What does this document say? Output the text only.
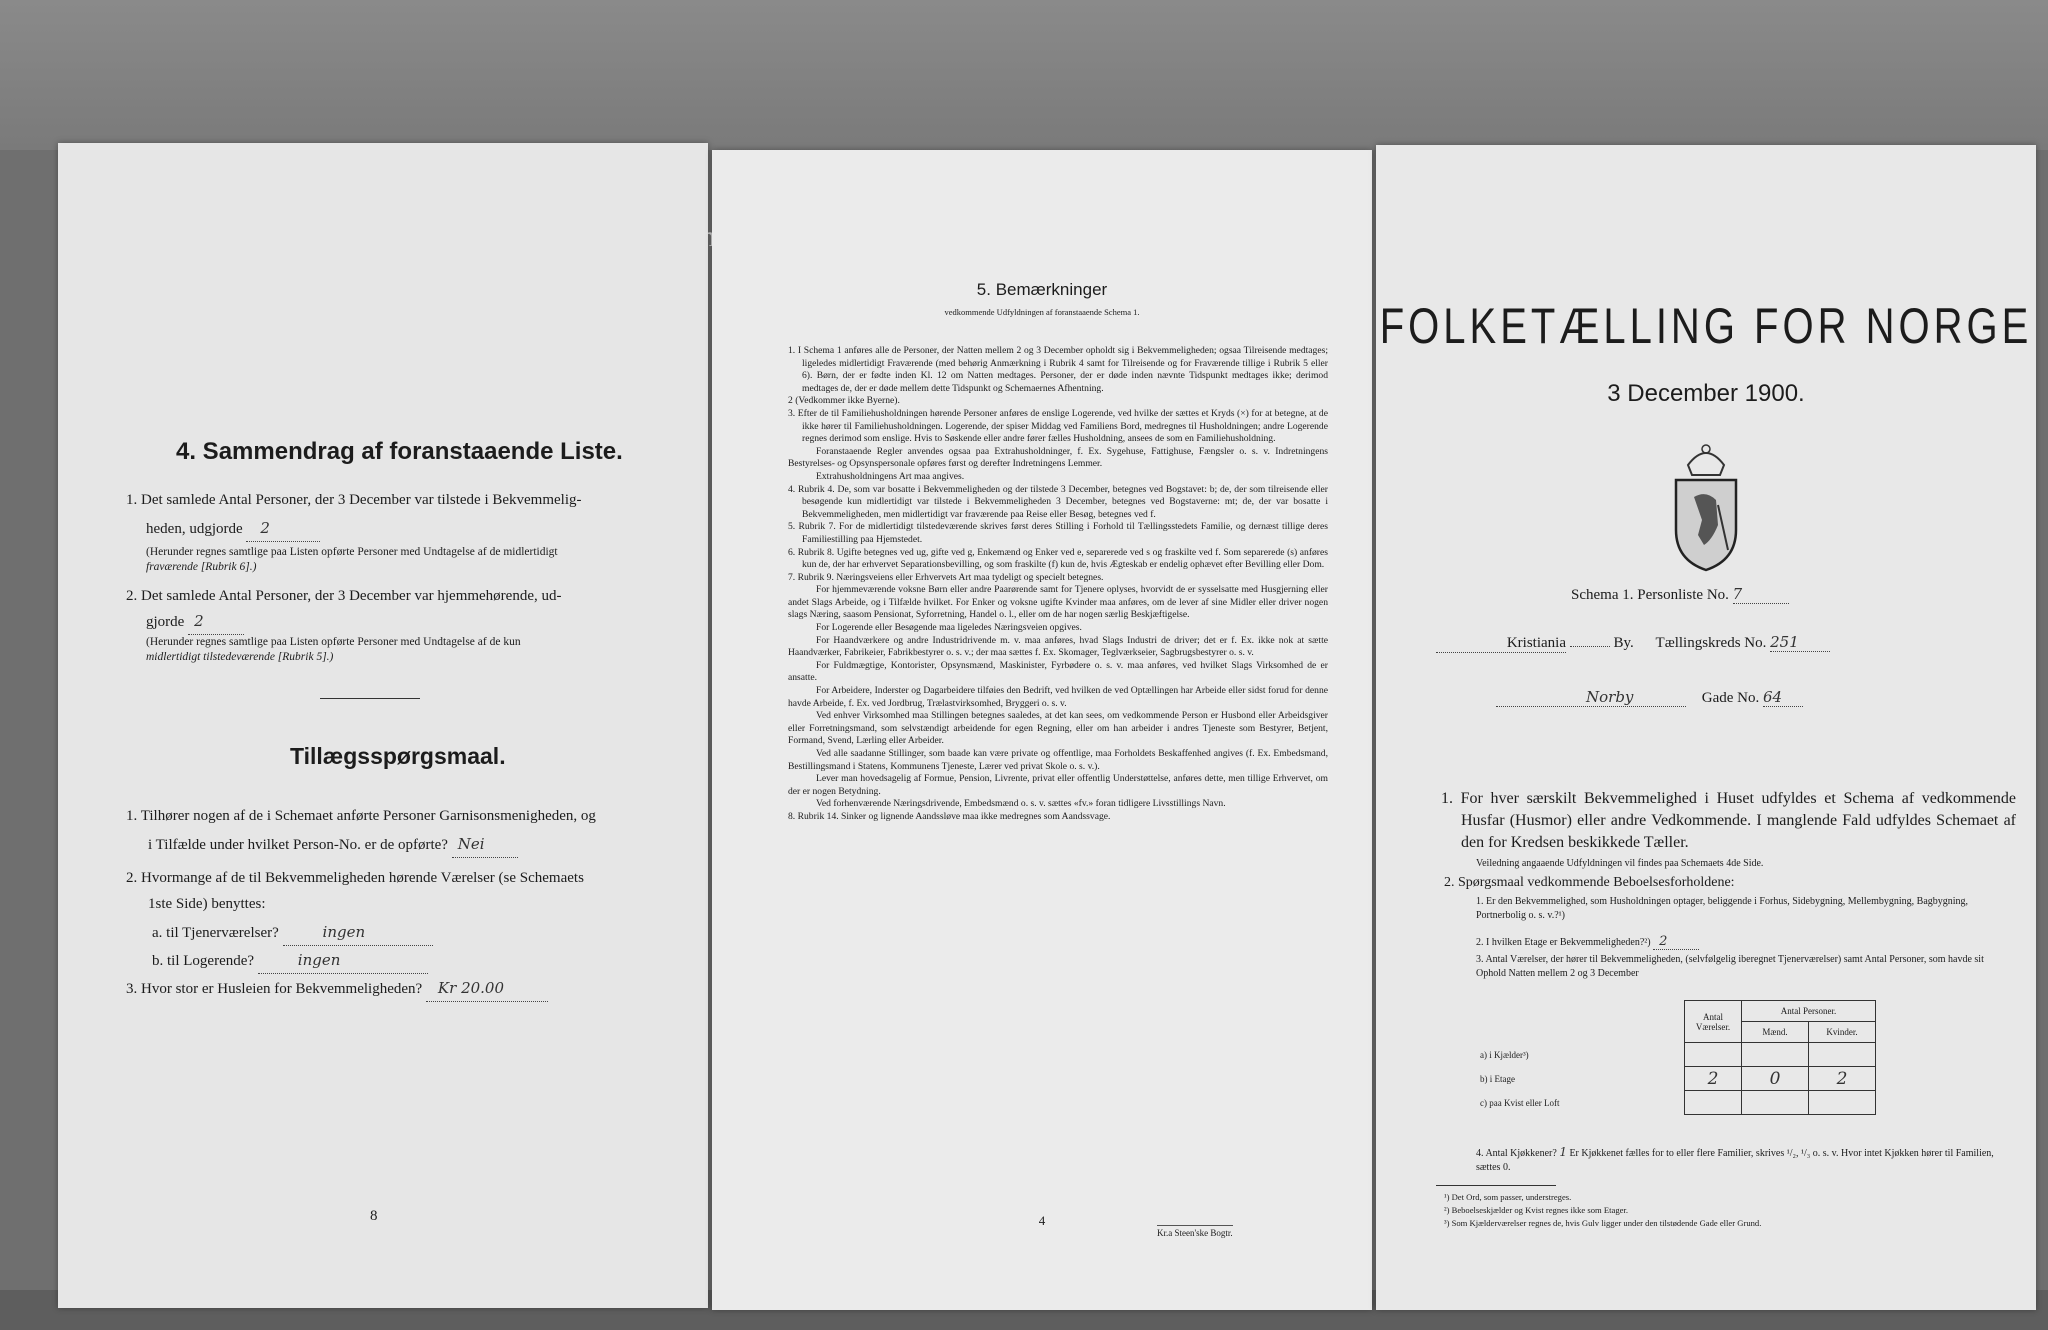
4. Sammendrag af foranstaaende Liste.
1. Det samlede Antal Personer, der 3 December var tilstede i Bekvemmelig-
heden, udgjorde 2
(Herunder regnes samtlige paa Listen opførte Personer med Undtagelse af de midlertidigt
fraværende [Rubrik 6].)
2. Det samlede Antal Personer, der 3 December var hjemmehørende, ud-
gjorde 2
(Herunder regnes samtlige paa Listen opførte Personer med Undtagelse af de kun
midlertidigt tilstedeværende [Rubrik 5].)
Tillægsspørgsmaal.
1. Tilhører nogen af de i Schemaet anførte Personer Garnisonsmenigheden, og
i Tilfælde under hvilket Person-No. er de opførte? Nei
2. Hvormange af de til Bekvemmeligheden hørende Værelser (se Schemaets
1ste Side) benyttes:
a. til Tjenerværelser?	ingen
b. til Logerende?	ingen
3. Hvor stor er Husleien for Bekvemmeligheden? Kr 20.00
8
5. Bemærkninger
vedkommende Udfyldningen af foranstaaende Schema 1.

1. I Schema 1 anføres alle de Personer, der Natten mellem 2 og 3 December opholdt sig i Bekvemmeligheden; ogsaa Tilreisende medtages; ligeledes midlertidigt Fraværende (med behørig Anmærkning i Rubrik 4 samt for Tilreisende og for Fraværende tillige i Rubrik 5 eller 6). Børn, der er fødte inden Kl. 12 om Natten medtages. Personer, der er døde inden nævnte Tidspunkt medtages ikke; derimod medtages de, der er døde mellem dette Tidspunkt og Schemaernes Afhentning.

2 (Vedkommer ikke Byerne).

3. Efter de til Familiehusholdningen hørende Personer anføres de enslige Logerende, ved hvilke der sættes et Kryds (×) for at betegne, at de ikke hører til Familiehusholdningen. Logerende, der spiser Middag ved Familiens Bord, medregnes til Husholdningen; andre Logerende regnes derimod som enslige. Hvis to Søskende eller andre fører fælles Husholdning, ansees de som en Familiehusholdning.

Foranstaaende Regler anvendes ogsaa paa Extrahusholdninger, f. Ex. Sygehuse, Fattighuse, Fængsler o. s. v. Indretningens Bestyrelses- og Opsynspersonale opføres først og derefter Indretningens Lemmer.

Extrahusholdningens Art maa angives.

4. Rubrik 4. De, som var bosatte i Bekvemmeligheden og der tilstede 3 December, betegnes ved Bogstavet: b; de, der som tilreisende eller besøgende kun midlertidigt var tilstede i Bekvemmeligheden 3 December, betegnes ved Bogstaverne: mt; de, der var bosatte i Bekvemmeligheden, men midlertidigt var fraværende paa Reise eller Besøg, betegnes ved f.

5. Rubrik 7. For de midlertidigt tilstedeværende skrives først deres Stilling i Forhold til Tællingsstedets Familie, og dernæst tillige deres Familiestilling paa Hjemstedet.

6. Rubrik 8. Ugifte betegnes ved ug, gifte ved g, Enkemænd og Enker ved e, separerede ved s og fraskilte ved f. Som separerede (s) anføres kun de, der har erhvervet Separationsbevilling, og som fraskilte (f) kun de, hvis Ægteskab er endelig ophævet efter Bevilling eller Dom.

7. Rubrik 9. Næringsveiens eller Erhvervets Art maa tydeligt og specielt betegnes.

For hjemmeværende voksne Børn eller andre Paarørende samt for Tjenere oplyses, hvorvidt de er sysselsatte med Husgjerning eller andet Slags Arbeide, og i Tilfælde hvilket. For Enker og voksne ugifte Kvinder maa anføres, om de lever af sine Midler eller driver nogen slags Næring, saasom Pensionat, Syforretning, Handel o. l., eller om de har nogen særlig Beskjæftigelse.

For Logerende eller Besøgende maa ligeledes Næringsveien opgives.

For Haandværkere og andre Industridrivende m. v. maa anføres, hvad Slags Industri de driver; det er f. Ex. ikke nok at sætte Haandværker, Fabrikeier, Fabrikbestyrer o. s. v.; der maa sættes f. Ex. Skomager, Teglværkseier, Sagbrugsbestyrer o. s. v.

For Fuldmægtige, Kontorister, Opsynsmænd, Maskinister, Fyrbødere o. s. v. maa anføres, ved hvilket Slags Virksomhed de er ansatte.

For Arbeidere, Inderster og Dagarbeidere tilføies den Bedrift, ved hvilken de ved Optællingen har Arbeide eller sidst forud for denne havde Arbeide, f. Ex. ved Jordbrug, Trælastvirksomhed, Bryggeri o. s. v.

Ved enhver Virksomhed maa Stillingen betegnes saaledes, at det kan sees, om vedkommende Person er Husbond eller Arbeidsgiver eller Forretningsmand, som selvstændigt arbeidende for egen Regning, eller om han arbeider i andres Tjeneste som Bestyrer, Betjent, Formand, Svend, Lærling eller Arbeider.

Ved alle saadanne Stillinger, som baade kan være private og offentlige, maa Forholdets Beskaffenhed angives (f. Ex. Embedsmand, Bestillingsmand i Statens, Kommunens Tjeneste, Lærer ved privat Skole o. s. v.).

Lever man hovedsagelig af Formue, Pension, Livrente, privat eller offentlig Understøttelse, anføres dette, men tillige Erhvervet, om der er nogen Betydning.

Ved forhenværende Næringsdrivende, Embedsmænd o. s. v. sættes «fv.» foran tidligere Livsstillings Navn.

8. Rubrik 14. Sinker og lignende Aandssløve maa ikke medregnes som Aandssvage.

4
Kr.a Steen'ske Bogtr.
FOLKETÆLLING FOR NORGE
3 December 1900.
Schema 1. Personliste No. 7
Kristiania	By. Tællingskreds No. 251
Norby	Gade No. 64
1. For hver særskilt Bekvemmelighed i Huset udfyldes et Schema af vedkommende Husfar (Husmor) eller andre Vedkommende. I manglende Fald udfyldes Schemaet af den for Kredsen beskikkede Tæller.
Veiledning angaaende Udfyldningen vil findes paa Schemaets 4de Side.
2. Spørgsmaal vedkommende Beboelsesforholdene:
1. Er den Bekvemmelighed, som Husholdningen optager, beliggende i Forhus, Sidebygning, Mellembygning, Bagbygning, Portnerbolig o. s. v.?¹)
2. I hvilken Etage er Bekvemmeligheden?²) 2
3. Antal Værelser, der hører til Bekvemmeligheden, (selvfølgelig iberegnet Tjenerværelser) samt Antal Personer, som havde sit Ophold Natten mellem 2 og 3 December
	Antal Værelser.	Antal Personer.	
		Mænd.	Kvinder.
a) i Kjælder³)			
b) i Etage	2	0	2
c) paa Kvist eller Loft			
4. Antal Kjøkkener? 1 Er Kjøkkenet fælles for to eller flere Familier, skrives ¹/₂, ¹/₃ o. s. v. Hvor intet Kjøkken hører til Familien, sættes 0.
¹) Det Ord, som passer, understreges.
²) Beboelseskjælder og Kvist regnes ikke som Etager.
³) Som Kjælderværelser regnes de, hvis Gulv ligger under den tilstødende Gade eller Grund.
